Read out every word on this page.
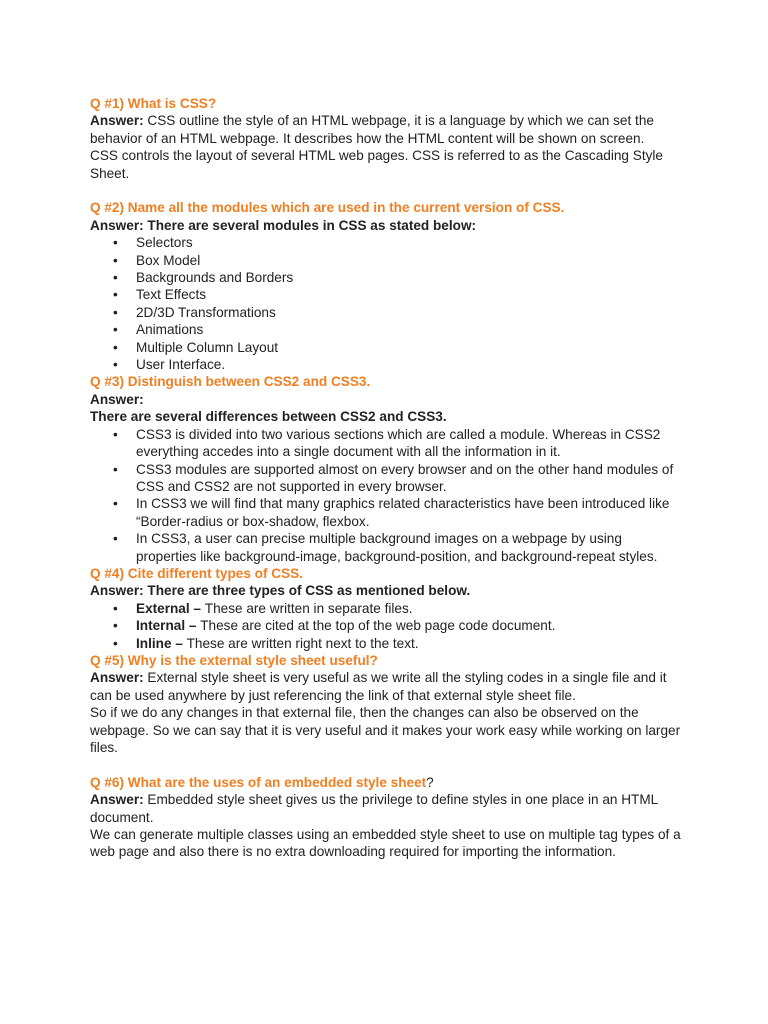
Q #1) What is CSS?

Answer: CSS outline the style of an HTML webpage, it is a language by which we can set the behavior of an HTML webpage. It describes how the HTML content will be shown on screen.

CSS controls the layout of several HTML web pages. CSS is referred to as the Cascading Style Sheet.

Q #2) Name all the modules which are used in the current version of CSS.

Answer: There are several modules in CSS as stated below:

• Selectors
• Box Model
• Backgrounds and Borders
• Text Effects
• 2D/3D Transformations
• Animations
• Multiple Column Layout
• User Interface.

Q #3) Distinguish between CSS2 and CSS3.

Answer:

There are several differences between CSS2 and CSS3.

• CSS3 is divided into two various sections which are called a module. Whereas in CSS2 everything accedes into a single document with all the information in it.
• CSS3 modules are supported almost on every browser and on the other hand modules of CSS and CSS2 are not supported in every browser.
• In CSS3 we will find that many graphics related characteristics have been introduced like “Border-radius or box-shadow, flexbox.
• In CSS3, a user can precise multiple background images on a webpage by using properties like background-image, background-position, and background-repeat styles.

Q #4) Cite different types of CSS.

Answer: There are three types of CSS as mentioned below.

• External – These are written in separate files.
• Internal – These are cited at the top of the web page code document.
• Inline – These are written right next to the text.

Q #5) Why is the external style sheet useful?

Answer: External style sheet is very useful as we write all the styling codes in a single file and it can be used anywhere by just referencing the link of that external style sheet file.

So if we do any changes in that external file, then the changes can also be observed on the webpage. So we can say that it is very useful and it makes your work easy while working on larger files.

Q #6) What are the uses of an embedded style sheet?

Answer: Embedded style sheet gives us the privilege to define styles in one place in an HTML document.

We can generate multiple classes using an embedded style sheet to use on multiple tag types of a web page and also there is no extra downloading required for importing the information.
